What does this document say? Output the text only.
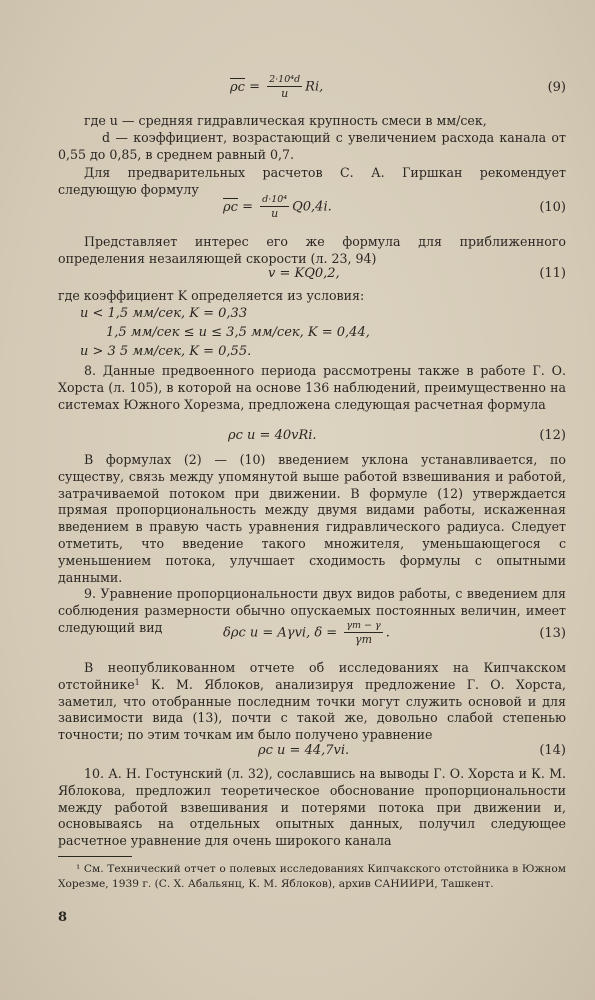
$\rho c = \frac{\text{2·10⁴d}}{u} Ri$,	(9)

где u — средняя гидравлическая крупность смеси в мм/сек,

d — коэффициент, возрастающий с увеличением расхода канала от 0,55 до 0,85, в среднем равный 0,7.

Для предварительных расчетов С. А. Гиршкан рекомендует следующую формулу

$\rho c = \frac{\text{d·10⁴}}{u} Q0,4i$.	(10)

Представляет интерес его же формула для приближенного определения незаиляющей скорости (л. 23, 94)

v = KQ0,2,	(11)

где коэффициент K определяется из условия:

u < 1,5 мм/сек, K = 0,33
1,5 мм/сек ≤ u ≤ 3,5 мм/сек, K = 0,44,
u > 3 5 мм/сек, K = 0,55.

8. Данные предвоенного периода рассмотрены также в работе Г. О. Хорста (л. 105), в которой на основе 136 наблюдений, преимущественно на системах Южного Хорезма, предложена следующая расчетная формула

ρc u = 40vRi.	(12)

В формулах (2) — (10) введением уклона устанавливается, по существу, связь между упомянутой выше работой взвешивания и работой, затрачиваемой потоком при движении. В формуле (12) утверждается прямая пропорциональность между двумя видами работы, искаженная введением в правую часть уравнения гидравлического радиуса. Следует отметить, что введение такого множителя, уменьшающегося с уменьшением потока, улучшает сходимость формулы с опытными данными.

9. Уравнение пропорциональности двух видов работы, с введением для соблюдения размерности обычно опускаемых постоянных величин, имеет следующий вид	δρc u = Aγvi, $\delta = \frac{\gamma т - \gamma}{\gamma т}$ .	(13)

В неопубликованном отчете об исследованиях на Кипчакском отстойнике$^1$ К. М. Яблоков, анализируя предложение Г. О. Хорста, заметил, что отобранные последним точки могут служить основой и для зависимости вида (13), почти с такой же, довольно слабой степенью точности; по этим точкам им было получено уравнение

ρc u = 44,7vi.	(14)

10. А. Н. Гостунский (л. 32), сославшись на выводы Г. О. Хорста и К. М. Яблокова, предложил теоретическое обоснование пропорциональности между работой взвешивания и потерями потока при движении и, основываясь на отдельных опытных данных, получил следующее расчетное уравнение для очень широкого канала

¹ См. Технический отчет о полевых исследованиях Кипчакского отстойника в Южном Хорезме, 1939 г. (С. Х. Абальянц, К. М. Яблоков), архив САНИИРИ, Ташкент.
8
